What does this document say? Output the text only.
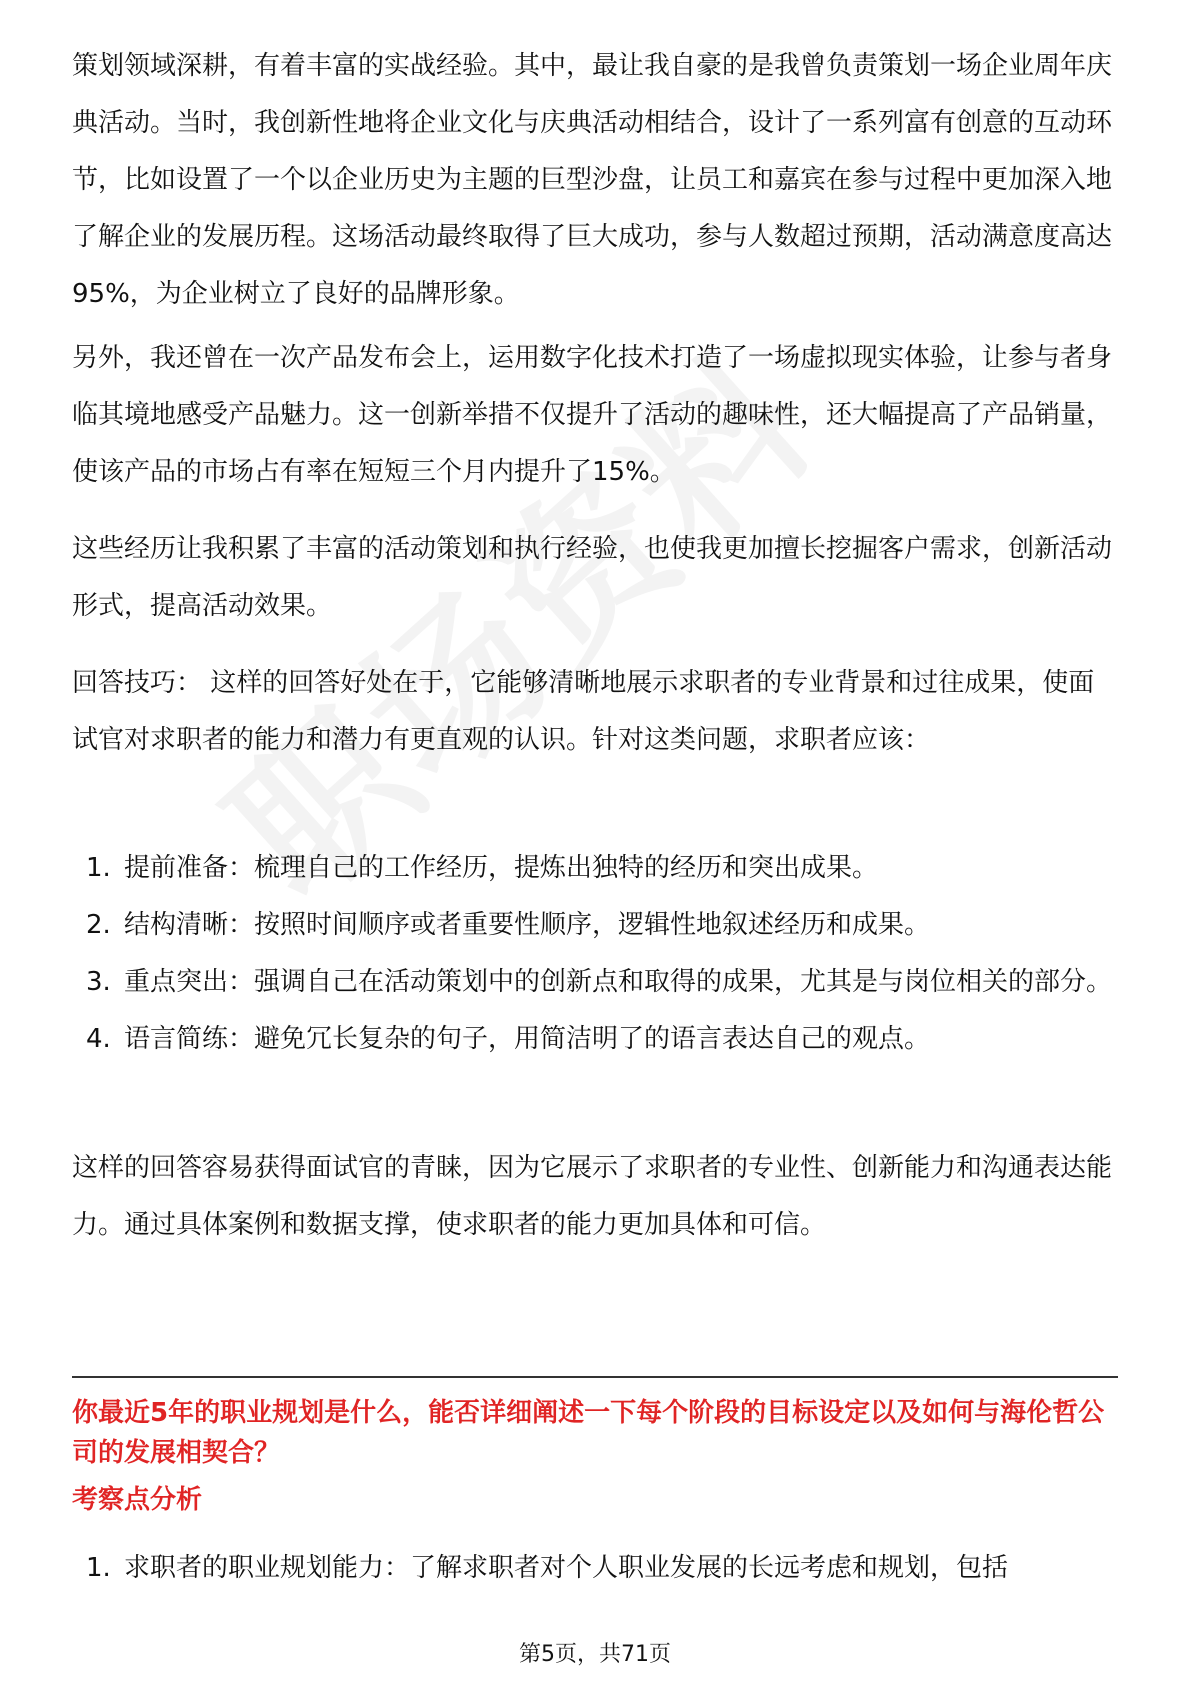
策划领域深耕，有着丰富的实战经验。其中，最让我自豪的是我曾负责策划一场企业周年庆典活动。当时，我创新性地将企业文化与庆典活动相结合，设计了一系列富有创意的互动环节，比如设置了一个以企业历史为主题的巨型沙盘，让员工和嘉宾在参与过程中更加深入地了解企业的发展历程。这场活动最终取得了巨大成功，参与人数超过预期，活动满意度高达95%，为企业树立了良好的品牌形象。

另外，我还曾在一次产品发布会上，运用数字化技术打造了一场虚拟现实体验，让参与者身临其境地感受产品魅力。这一创新举措不仅提升了活动的趣味性，还大幅提高了产品销量，使该产品的市场占有率在短短三个月内提升了15%。

这些经历让我积累了丰富的活动策划和执行经验，也使我更加擅长挖掘客户需求，创新活动形式，提高活动效果。

回答技巧： 这样的回答好处在于，它能够清晰地展示求职者的专业背景和过往成果，使面试官对求职者的能力和潜力有更直观的认识。针对这类问题，求职者应该：

1. 提前准备：梳理自己的工作经历，提炼出独特的经历和突出成果。
2. 结构清晰：按照时间顺序或者重要性顺序，逻辑性地叙述经历和成果。
3. 重点突出：强调自己在活动策划中的创新点和取得的成果，尤其是与岗位相关的部分。
4. 语言简练：避免冗长复杂的句子，用简洁明了的语言表达自己的观点。

这样的回答容易获得面试官的青睐，因为它展示了求职者的专业性、创新能力和沟通表达能力。通过具体案例和数据支撑，使求职者的能力更加具体和可信。

你最近5年的职业规划是什么，能否详细阐述一下每个阶段的目标设定以及如何与海伦哲公司的发展相契合？

考察点分析

1. 求职者的职业规划能力：了解求职者对个人职业发展的长远考虑和规划，包括
第5页，共71页
